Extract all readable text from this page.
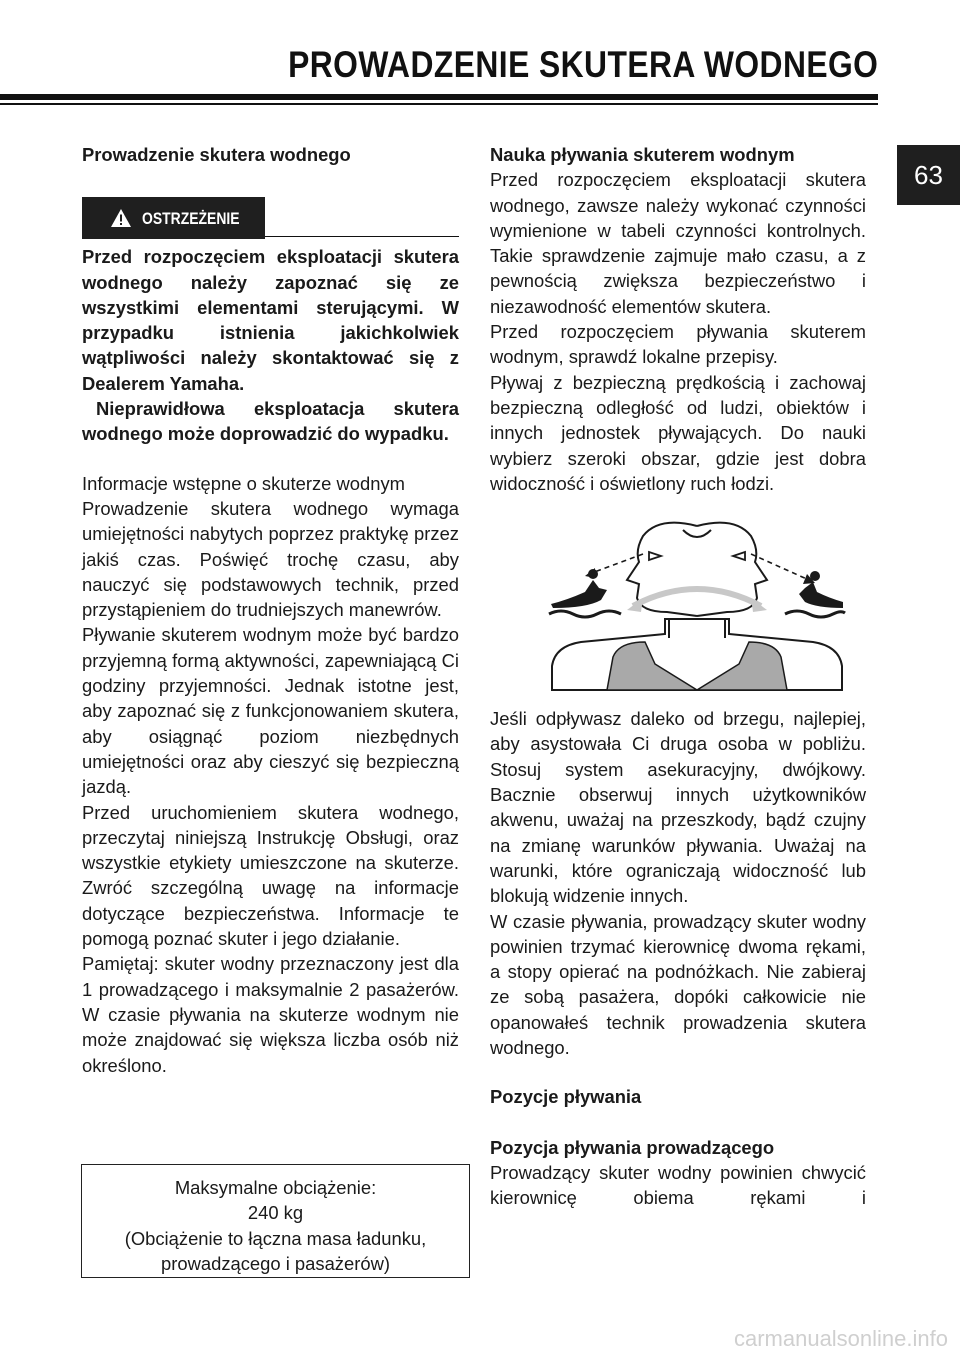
PROWADZENIE SKUTERA WODNEGO
63
Prowadzenie skutera wodnego
OSTRZEŻENIE
Przed rozpoczęciem eksploatacji skutera wodnego należy zapoznać się ze wszystkimi elementami sterującymi. W przypadku istnienia jakichkolwiek wątpliwości należy skontaktować się z Dealerem Yamaha.
Nieprawidłowa eksploatacja skutera wodnego może doprowadzić do wypadku.
Informacje wstępne o skuterze wodnym
Prowadzenie skutera wodnego wymaga umiejętności nabytych poprzez praktykę przez jakiś czas. Poświęć trochę czasu, aby nauczyć się podstawowych technik, przed przystąpieniem do trudniejszych manewrów.
Pływanie skuterem wodnym może być bardzo przyjemną formą aktywności, zapewniającą Ci godziny przyjemności. Jednak istotne jest, aby zapoznać się z funkcjonowaniem skutera, aby osiągnąć poziom niezbędnych umiejętności oraz aby cieszyć się bezpieczną jazdą.
Przed uruchomieniem skutera wodnego, przeczytaj niniejszą Instrukcję Obsługi, oraz wszystkie etykiety umieszczone na skuterze. Zwróć szczególną uwagę na informacje dotyczące bezpieczeństwa. Informacje te pomogą poznać skuter i jego działanie.
Pamiętaj: skuter wodny przeznaczony jest dla 1 prowadzącego i maksymalnie 2 pasażerów. W czasie pływania na skuterze wodnym nie może znajdować się większa liczba osób niż określono.
Maksymalne obciążenie:
240 kg
(Obciążenie to łączna masa ładunku,
prowadzącego i pasażerów)
Nauka pływania skuterem wodnym
Przed rozpoczęciem eksploatacji skutera wodnego, zawsze należy wykonać czynności wymienione w tabeli czynności kontrolnych. Takie sprawdzenie zajmuje mało czasu, a z pewnością zwiększa bezpieczeństwo i niezawodność elementów skutera.
Przed rozpoczęciem pływania skuterem wodnym, sprawdź lokalne przepisy.
Pływaj z bezpieczną prędkością i zachowaj bezpieczną odległość od ludzi, obiektów i innych jednostek pływających. Do nauki wybierz szeroki obszar, gdzie jest dobra widoczność i oświetlony ruch łodzi.
Jeśli odpływasz daleko od brzegu, najlepiej, aby asystowała Ci druga osoba w pobliżu. Stosuj system asekuracyjny, dwójkowy. Bacznie obserwuj innych użytkowników akwenu, uważaj na przeszkody, bądź czujny na zmianę warunków pływania. Uważaj na warunki, które ograniczają widoczność lub blokują widzenie innych.
W czasie pływania, prowadzący skuter wodny powinien trzymać kierownicę dwoma rękami, a stopy opierać na podnóżkach. Nie zabieraj ze sobą pasażera, dopóki całkowicie nie opanowałeś technik prowadzenia skutera wodnego.
Pozycje pływania
Pozycja pływania prowadzącego
Prowadzący skuter wodny powinien chwycić kierownicę obiema rękami i
carmanualsonline.info
